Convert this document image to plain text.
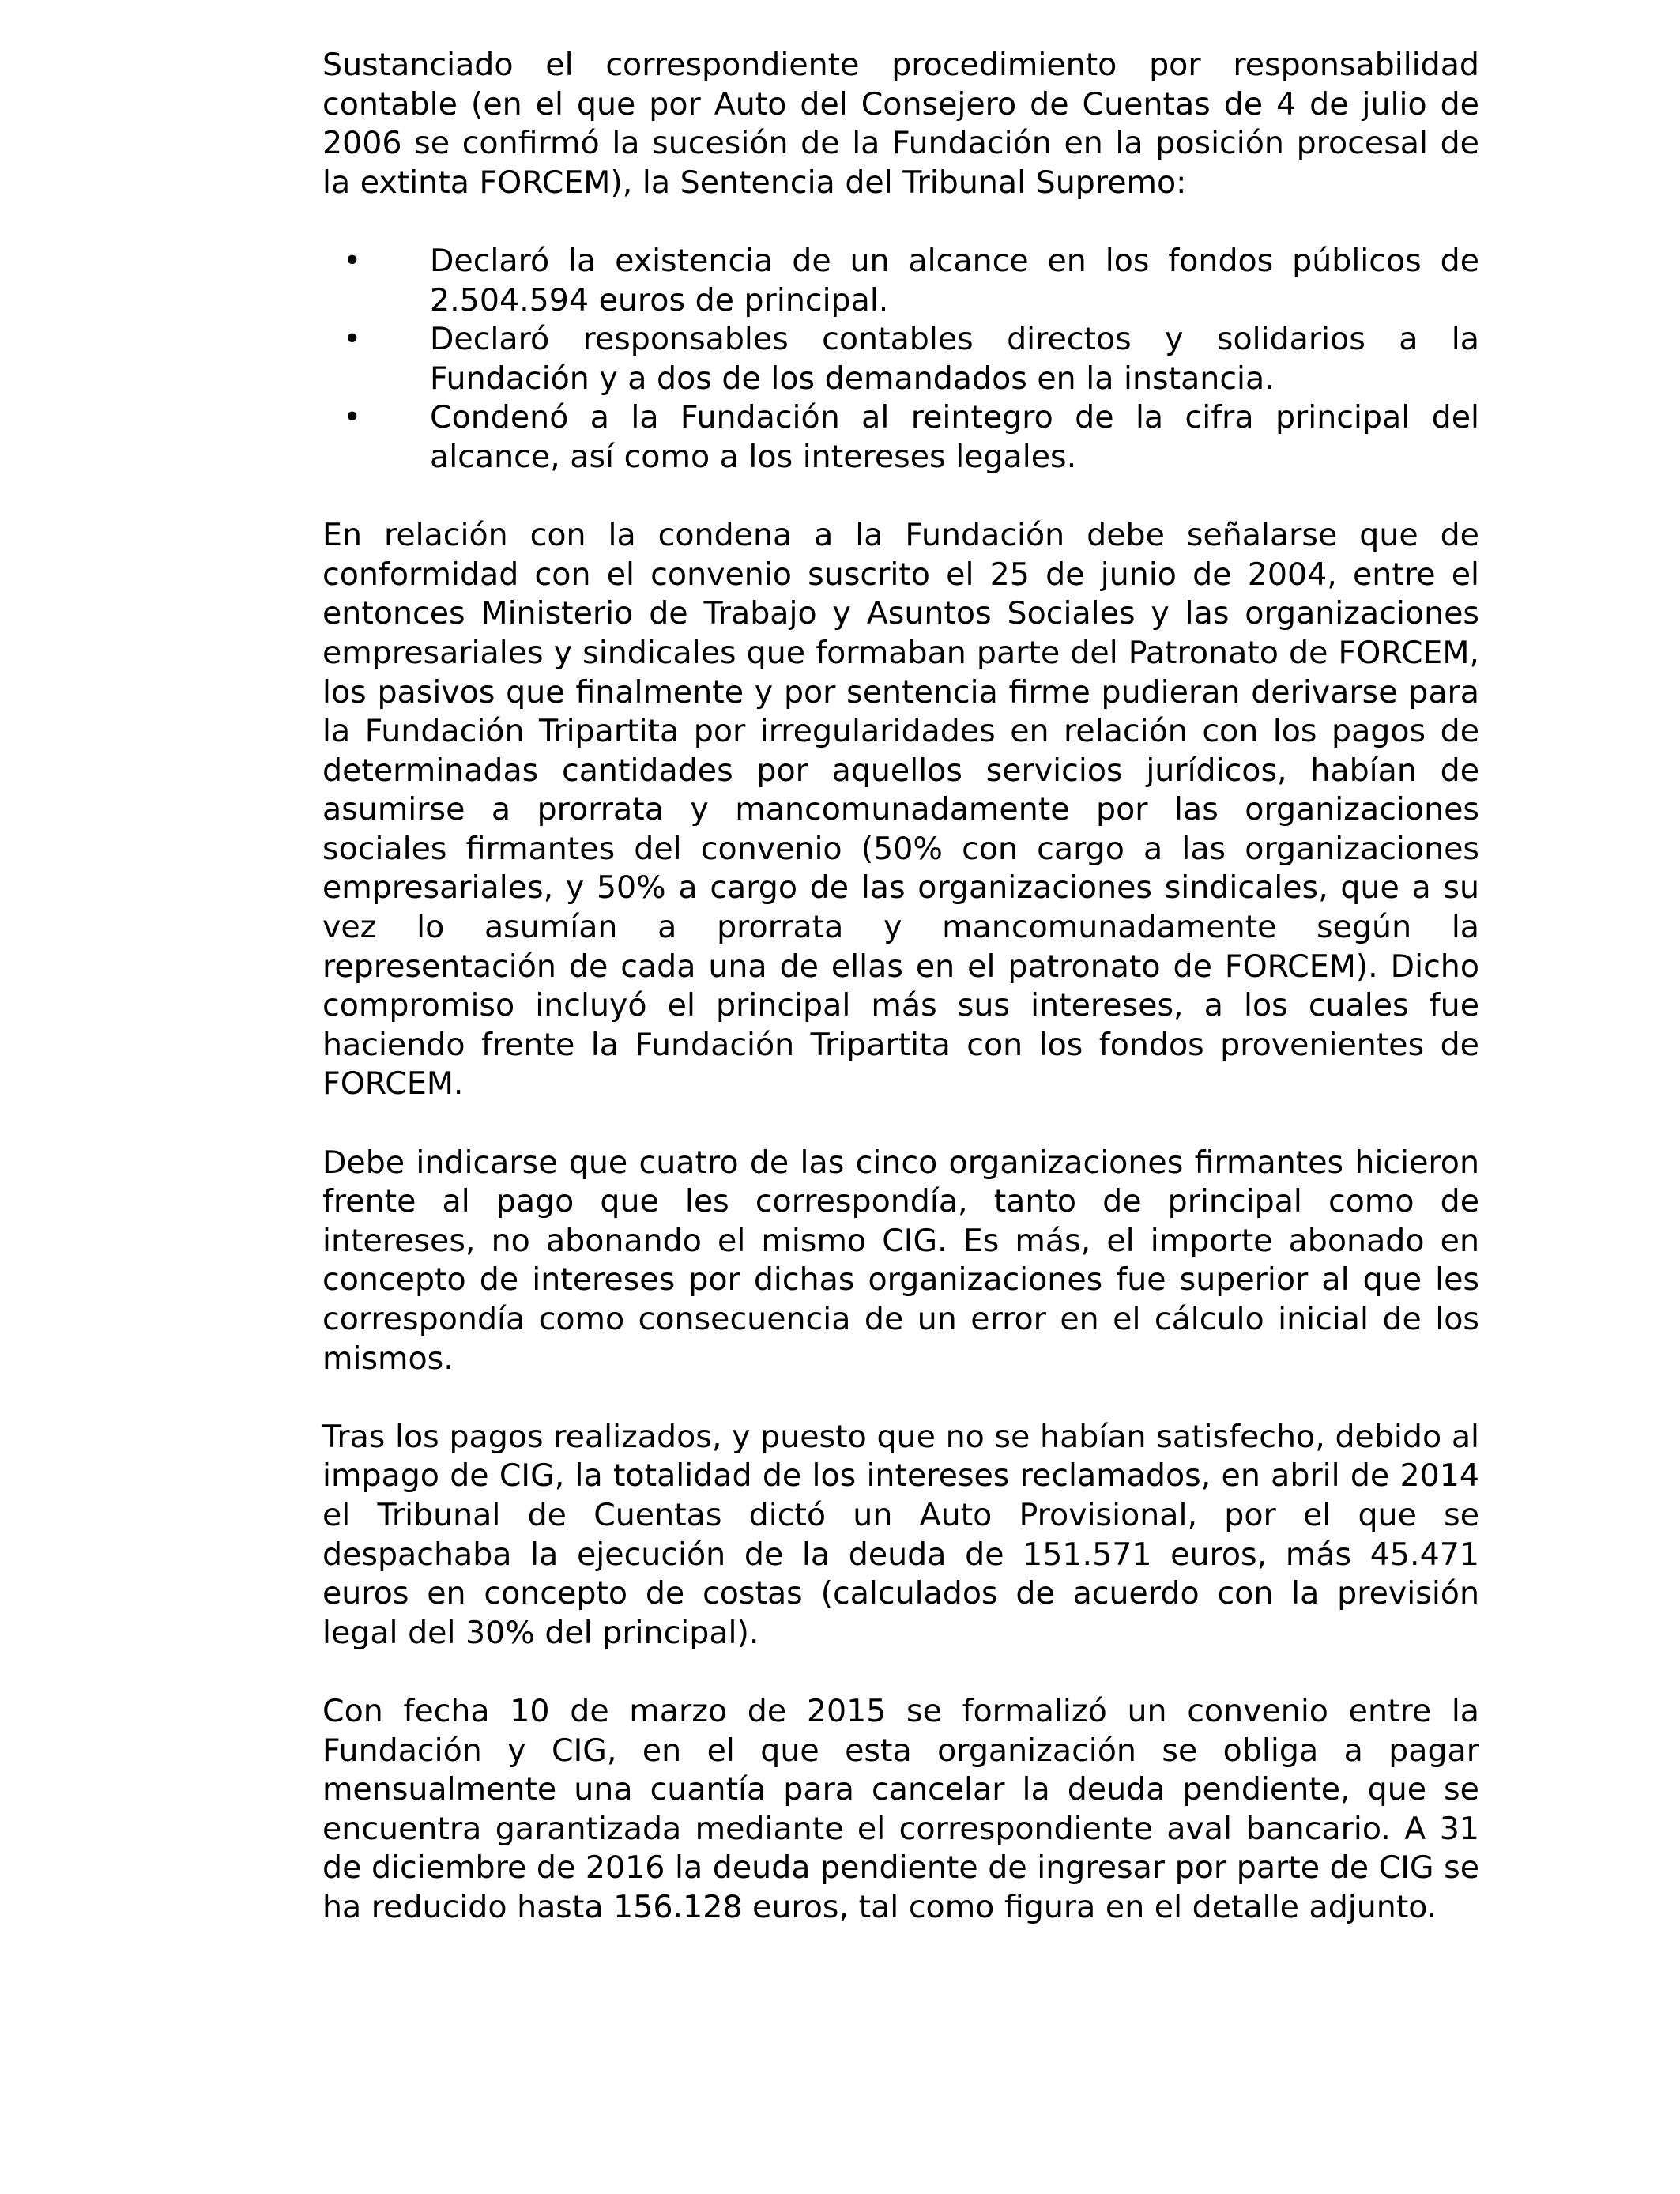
Sustanciado el correspondiente procedimiento por responsabilidad contable (en el que por Auto del Consejero de Cuentas de 4 de julio de 2006 se confirmó la sucesión de la Fundación en la posición procesal de la extinta FORCEM), la Sentencia del Tribunal Supremo:

• Declaró la existencia de un alcance en los fondos públicos de 2.504.594 euros de principal.
• Declaró responsables contables directos y solidarios a la Fundación y a dos de los demandados en la instancia.
• Condenó a la Fundación al reintegro de la cifra principal del alcance, así como a los intereses legales.

En relación con la condena a la Fundación debe señalarse que de conformidad con el convenio suscrito el 25 de junio de 2004, entre el entonces Ministerio de Trabajo y Asuntos Sociales y las organizaciones empresariales y sindicales que formaban parte del Patronato de FORCEM, los pasivos que finalmente y por sentencia firme pudieran derivarse para la Fundación Tripartita por irregularidades en relación con los pagos de determinadas cantidades por aquellos servicios jurídicos, habían de asumirse a prorrata y mancomunadamente por las organizaciones sociales firmantes del convenio (50% con cargo a las organizaciones empresariales, y 50% a cargo de las organizaciones sindicales, que a su vez lo asumían a prorrata y mancomunadamente según la representación de cada una de ellas en el patronato de FORCEM). Dicho compromiso incluyó el principal más sus intereses, a los cuales fue haciendo frente la Fundación Tripartita con los fondos provenientes de FORCEM.

Debe indicarse que cuatro de las cinco organizaciones firmantes hicieron frente al pago que les correspondía, tanto de principal como de intereses, no abonando el mismo CIG. Es más, el importe abonado en concepto de intereses por dichas organizaciones fue superior al que les correspondía como consecuencia de un error en el cálculo inicial de los mismos.

Tras los pagos realizados, y puesto que no se habían satisfecho, debido al impago de CIG, la totalidad de los intereses reclamados, en abril de 2014 el Tribunal de Cuentas dictó un Auto Provisional, por el que se despachaba la ejecución de la deuda de 151.571 euros, más 45.471 euros en concepto de costas (calculados de acuerdo con la previsión legal del 30% del principal).

Con fecha 10 de marzo de 2015 se formalizó un convenio entre la Fundación y CIG, en el que esta organización se obliga a pagar mensualmente una cuantía para cancelar la deuda pendiente, que se encuentra garantizada mediante el correspondiente aval bancario. A 31 de diciembre de 2016 la deuda pendiente de ingresar por parte de CIG se ha reducido hasta 156.128 euros, tal como figura en el detalle adjunto.
